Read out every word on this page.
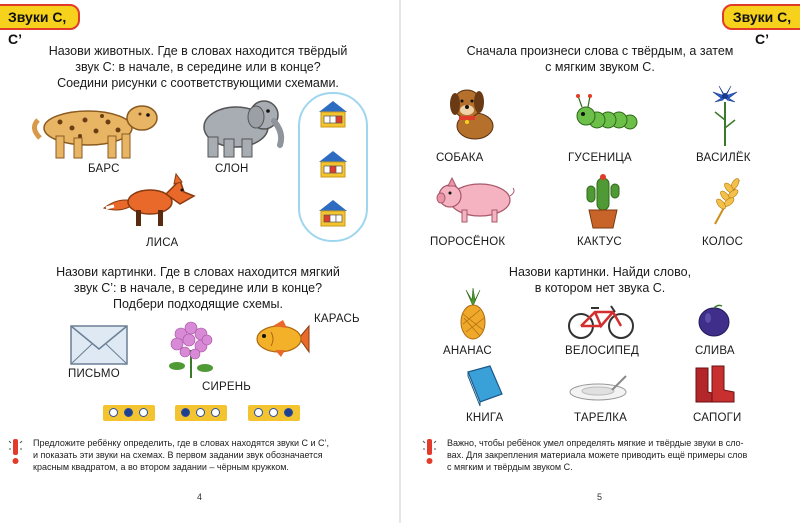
Звуки С, С’
Назови животных. Где в словах находится твёрдый
звук С: в начале, в середине или в конце?
Соедини рисунки с соответствующими схемами.
БАРС	СЛОН
ЛИСА
Назови картинки. Где в словах находится мягкий
звук С’: в начале, в середине или в конце?
Подбери подходящие схемы.
ПИСЬМО
СИРЕНЬ
КАРАСЬ
Предложите ребёнку определить, где в словах находятся звуки С и С’,
и показать эти звуки на схемах. В первом задании звук обозначается
красным квадратом, а во втором задании – чёрным кружком.
4
Звуки С, С’
Сначала произнеси слова с твёрдым, а затем
с мягким звуком С.
СОБАКА	ГУСЕНИЦА	ВАСИЛЁК
ПОРОСЁНОК	КАКТУС	КОЛОС
Назови картинки. Найди слово,
в котором нет звука С.
АНАНАС	ВЕЛОСИПЕД	СЛИВА
КНИГА	ТАРЕЛКА	САПОГИ
Важно, чтобы ребёнок умел определять мягкие и твёрдые звуки в сло-
вах. Для закрепления материала можете приводить ещё примеры слов
с мягким и твёрдым звуком С.
5
